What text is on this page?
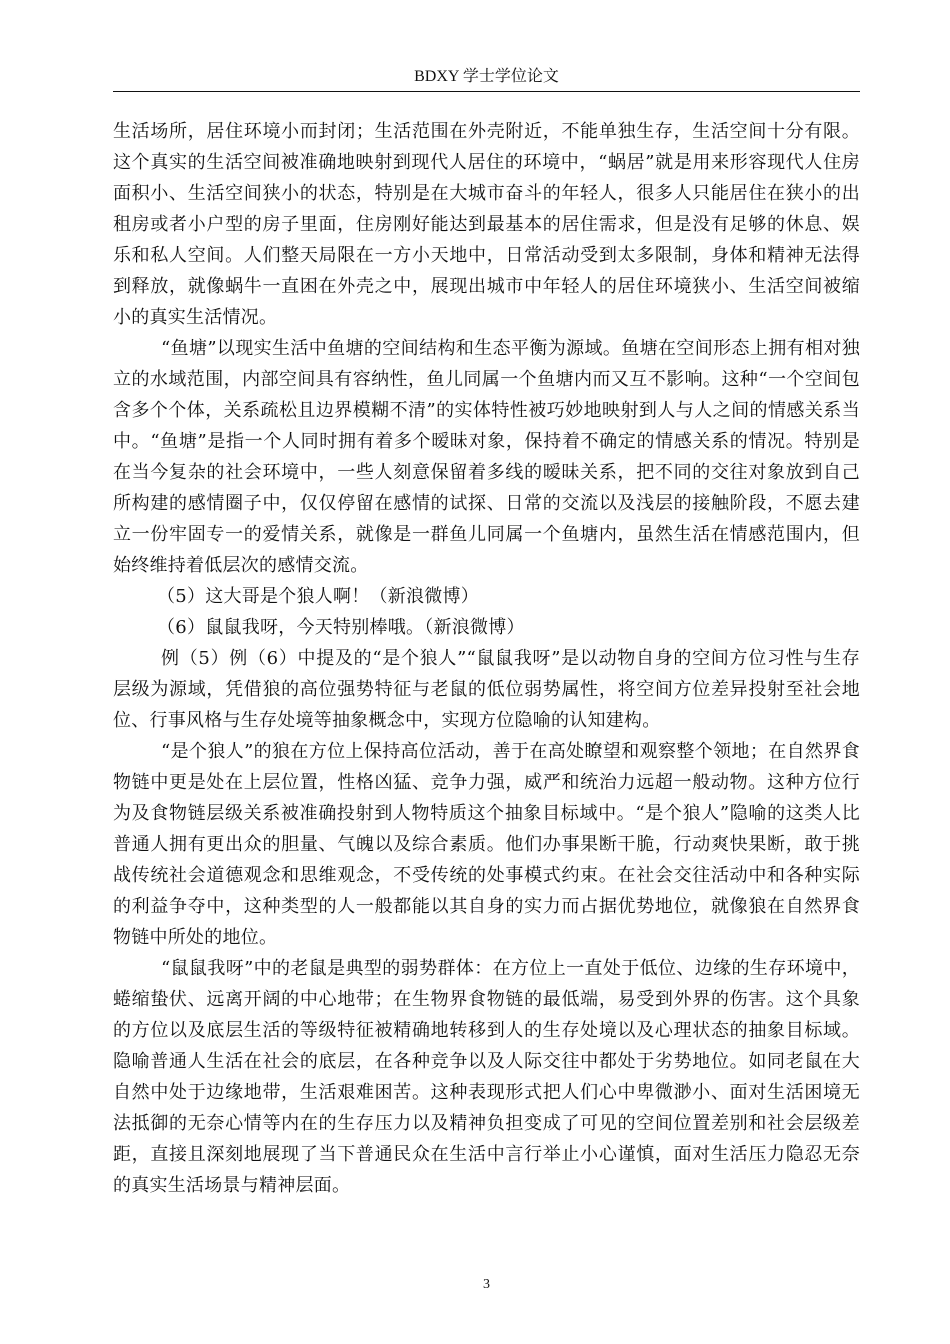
BDXY 学士学位论文

生活场所，居住环境小而封闭；生活范围在外壳附近，不能单独生存，生活空间十分有限。这个真实的生活空间被准确地映射到现代人居住的环境中，“蜗居”就是用来形容现代人住房面积小、生活空间狭小的状态，特别是在大城市奋斗的年轻人，很多人只能居住在狭小的出租房或者小户型的房子里面，住房刚好能达到最基本的居住需求，但是没有足够的休息、娱乐和私人空间。人们整天局限在一方小天地中，日常活动受到太多限制，身体和精神无法得到释放，就像蜗牛一直困在外壳之中，展现出城市中年轻人的居住环境狭小、生活空间被缩小的真实生活情况。

“鱼塘”以现实生活中鱼塘的空间结构和生态平衡为源域。鱼塘在空间形态上拥有相对独立的水域范围，内部空间具有容纳性，鱼儿同属一个鱼塘内而又互不影响。这种“一个空间包含多个个体，关系疏松且边界模糊不清”的实体特性被巧妙地映射到人与人之间的情感关系当中。“鱼塘”是指一个人同时拥有着多个暧昧对象，保持着不确定的情感关系的情况。特别是在当今复杂的社会环境中，一些人刻意保留着多线的暧昧关系，把不同的交往对象放到自己所构建的感情圈子中，仅仅停留在感情的试探、日常的交流以及浅层的接触阶段，不愿去建立一份牢固专一的爱情关系，就像是一群鱼儿同属一个鱼塘内，虽然生活在情感范围内，但始终维持着低层次的感情交流。

（5）这大哥是个狼人啊！（新浪微博）

（6）鼠鼠我呀，今天特别棒哦。（新浪微博）

例（5）例（6）中提及的“是个狼人”“鼠鼠我呀”是以动物自身的空间方位习性与生存层级为源域，凭借狼的高位强势特征与老鼠的低位弱势属性，将空间方位差异投射至社会地位、行事风格与生存处境等抽象概念中，实现方位隐喻的认知建构。

“是个狼人”的狼在方位上保持高位活动，善于在高处瞭望和观察整个领地；在自然界食物链中更是处在上层位置，性格凶猛、竞争力强，威严和统治力远超一般动物。这种方位行为及食物链层级关系被准确投射到人物特质这个抽象目标域中。“是个狼人”隐喻的这类人比普通人拥有更出众的胆量、气魄以及综合素质。他们办事果断干脆，行动爽快果断，敢于挑战传统社会道德观念和思维观念，不受传统的处事模式约束。在社会交往活动中和各种实际的利益争夺中，这种类型的人一般都能以其自身的实力而占据优势地位，就像狼在自然界食物链中所处的地位。

“鼠鼠我呀”中的老鼠是典型的弱势群体：在方位上一直处于低位、边缘的生存环境中，蜷缩蛰伏、远离开阔的中心地带；在生物界食物链的最低端，易受到外界的伤害。这个具象的方位以及底层生活的等级特征被精确地转移到人的生存处境以及心理状态的抽象目标域。隐喻普通人生活在社会的底层，在各种竞争以及人际交往中都处于劣势地位。如同老鼠在大自然中处于边缘地带，生活艰难困苦。这种表现形式把人们心中卑微渺小、面对生活困境无法抵御的无奈心情等内在的生存压力以及精神负担变成了可见的空间位置差别和社会层级差距，直接且深刻地展现了当下普通民众在生活中言行举止小心谨慎，面对生活压力隐忍无奈的真实生活场景与精神层面。

3
